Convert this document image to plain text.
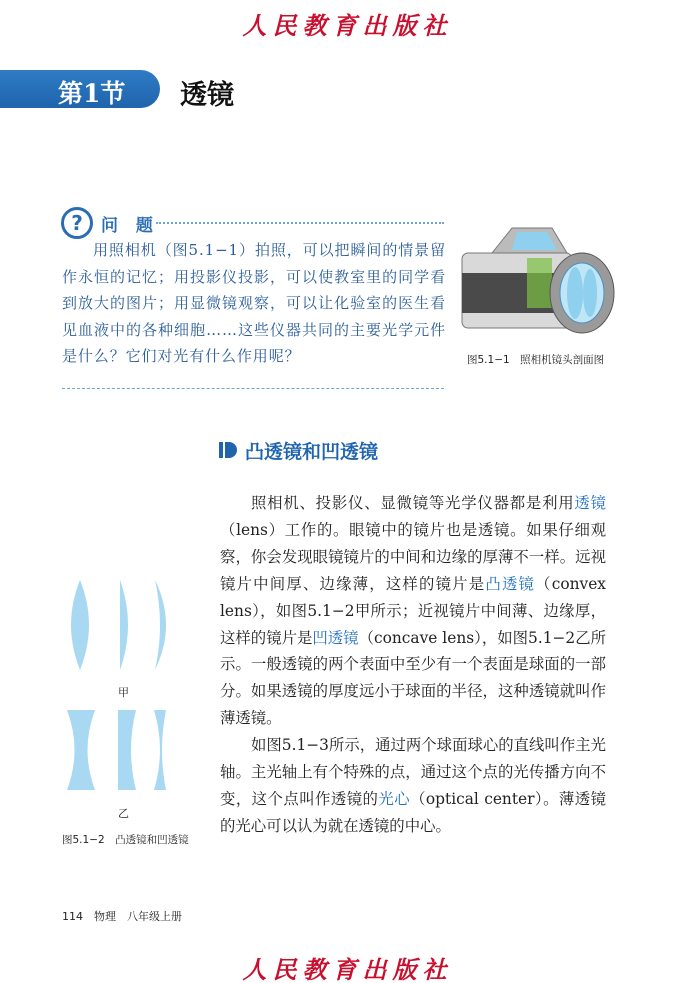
人民教育出版社
第1节 透镜
?	问 题
用照相机（图5.1−1）拍照，可以把瞬间的情景留作永恒的记忆；用投影仪投影，可以使教室里的同学看到放大的图片；用显微镜观察，可以让化验室的医生看见血液中的各种细胞……这些仪器共同的主要光学元件是什么？它们对光有什么作用呢？	图5.1−1　照相机镜头剖面图
凸透镜和凹透镜

照相机、投影仪、显微镜等光学仪器都是利用透镜（lens）工作的。眼镜中的镜片也是透镜。如果仔细观察，你会发现眼镜镜片的中间和边缘的厚薄不一样。远视镜片中间厚、边缘薄，这样的镜片是凸透镜（convex lens），如图5.1−2甲所示；近视镜片中间薄、边缘厚，这样的镜片是凹透镜（concave lens），如图5.1−2乙所示。一般透镜的两个表面中至少有一个表面是球面的一部分。如果透镜的厚度远小于球面的半径，这种透镜就叫作薄透镜。

如图5.1−3所示，通过两个球面球心的直线叫作主光轴。主光轴上有个特殊的点，通过这个点的光传播方向不变，这个点叫作透镜的光心（optical center）。薄透镜的光心可以认为就在透镜的中心。

甲
乙
图5.1−2　凸透镜和凹透镜
114　 物理　八年级上册
人民教育出版社
